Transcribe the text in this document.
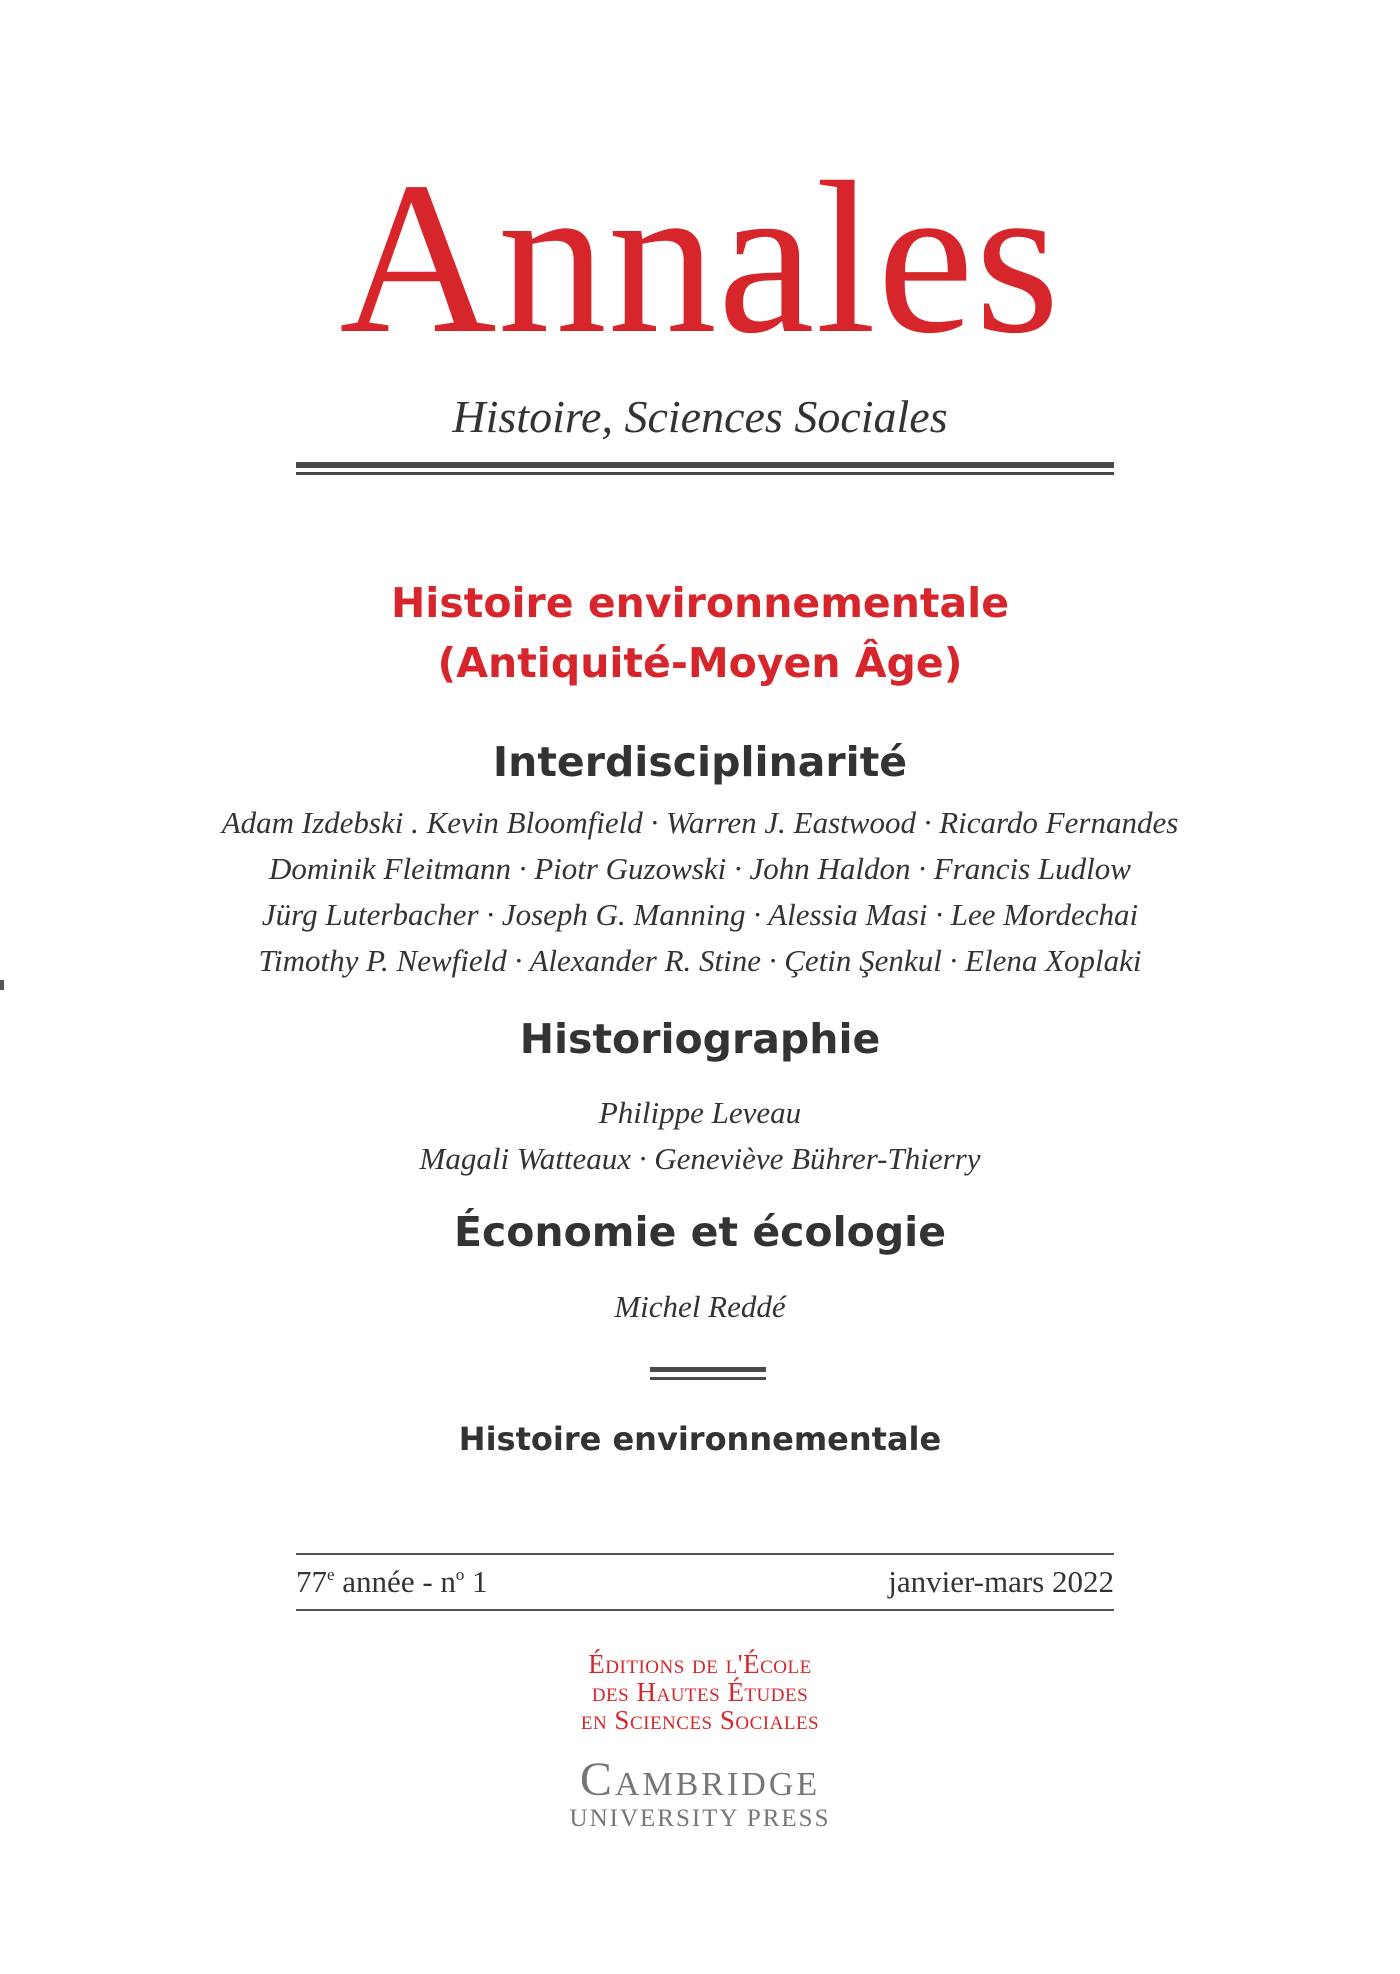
Annales
Histoire, Sciences Sociales
Histoire environnementale
(Antiquité-Moyen Âge)
Interdisciplinarité
Adam Izdebski . Kevin Bloomfield · Warren J. Eastwood · Ricardo Fernandes
Dominik Fleitmann · Piotr Guzowski · John Haldon · Francis Ludlow
Jürg Luterbacher · Joseph G. Manning · Alessia Masi · Lee Mordechai
Timothy P. Newfield · Alexander R. Stine · Çetin Şenkul · Elena Xoplaki
Historiographie
Philippe Leveau
Magali Watteaux · Geneviève Bührer-Thierry
Économie et écologie
Michel Reddé
Histoire environnementale
77e année - $n^o$ 1	janvier-mars 2022
Éditions de l'École
des Hautes Études
en Sciences Sociales
Cambridge
UNIVERSITY PRESS
